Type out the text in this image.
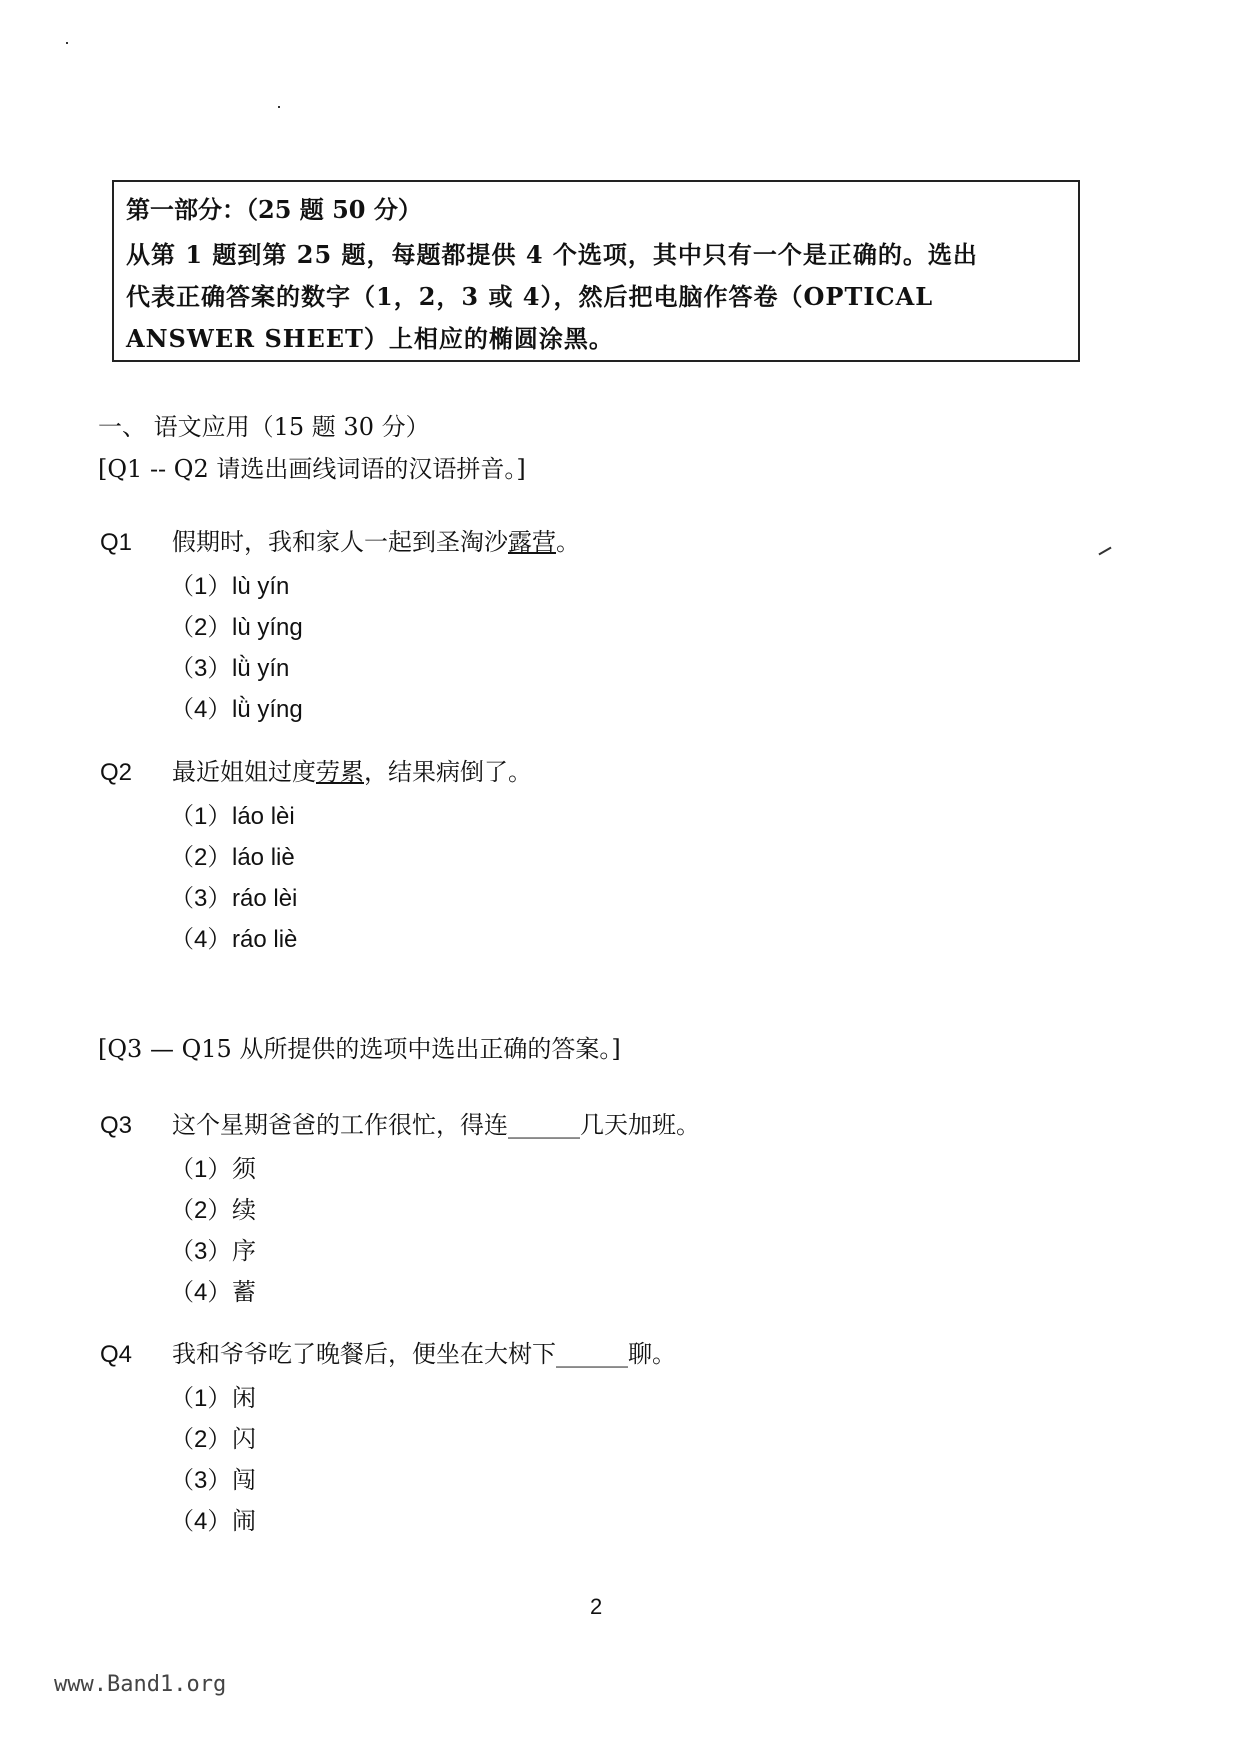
第一部分：（25 题 50 分）
从第 1 题到第 25 题，每题都提供 4 个选项，其中只有一个是正确的。选出
代表正确答案的数字（1，2，3 或 4），然后把电脑作答卷（OPTICAL
ANSWER SHEET）上相应的椭圆涂黑。
一、 语文应用（15 题 30 分）
[Q1 -- Q2 请选出画线词语的汉语拼音。]
Q1 假期时，我和家人一起到圣淘沙露营。
（1）lù yín
（2）lù yíng
（3）lǜ yín
（4）lǜ yíng
Q2 最近姐姐过度劳累，结果病倒了。
（1）láo lèi
（2）láo liè
（3）ráo lèi
（4）ráo liè
[Q3 — Q15 从所提供的选项中选出正确的答案。]
Q3 这个星期爸爸的工作很忙，得连______几天加班。
（1）须
（2）续
（3）序
（4）蓄
Q4 我和爷爷吃了晚餐后，便坐在大树下______聊。
（1）闲
（2）闪
（3）闯
（4）闹
2
www.Band1.org
